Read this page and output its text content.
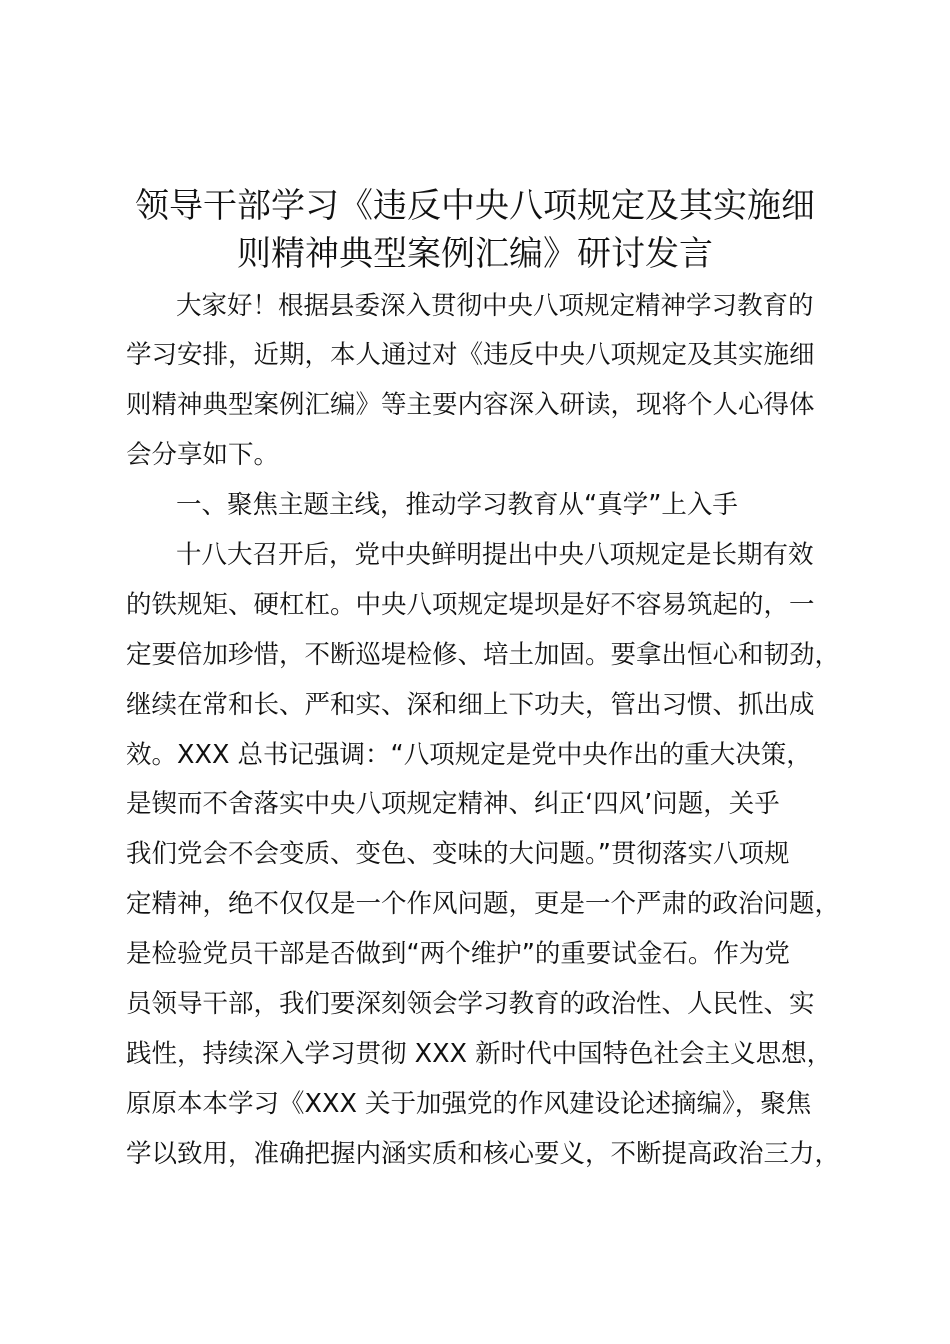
领导干部学习《违反中央八项规定及其实施细
则精神典型案例汇编》研讨发言
大家好！根据县委深入贯彻中央八项规定精神学习教育的
学习安排，近期，本人通过对《违反中央八项规定及其实施细
则精神典型案例汇编》等主要内容深入研读，现将个人心得体
会分享如下。
一、聚焦主题主线，推动学习教育从“真学”上入手
十八大召开后，党中央鲜明提出中央八项规定是长期有效
的铁规矩、硬杠杠。中央八项规定堤坝是好不容易筑起的，一
定要倍加珍惜，不断巡堤检修、培土加固。要拿出恒心和韧劲，
继续在常和长、严和实、深和细上下功夫，管出习惯、抓出成
效。XXX 总书记强调：“八项规定是党中央作出的重大决策，
是锲而不舍落实中央八项规定精神、纠正‘四风’问题，关乎
我们党会不会变质、变色、变味的大问题。”贯彻落实八项规
定精神，绝不仅仅是一个作风问题，更是一个严肃的政治问题，
是检验党员干部是否做到“两个维护”的重要试金石。作为党
员领导干部，我们要深刻领会学习教育的政治性、人民性、实
践性，持续深入学习贯彻 XXX 新时代中国特色社会主义思想，
原原本本学习《XXX 关于加强党的作风建设论述摘编》，聚焦
学以致用，准确把握内涵实质和核心要义，不断提高政治三力，
